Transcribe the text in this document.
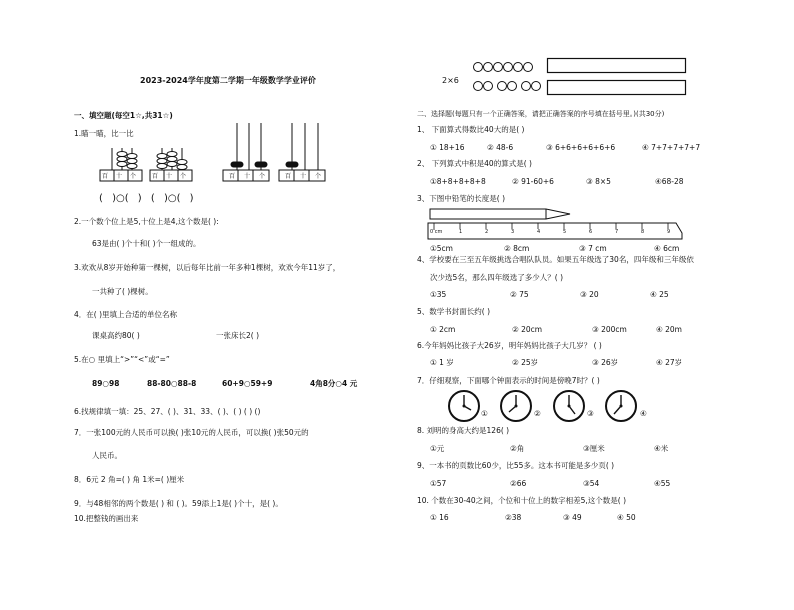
2023-2024学年度第二学期一年级数学学业评价	2×6
一、填空题(每空1☆,共31☆)
1.瞄一瞄，比一比
百 十 个	百 十 个	百 十 个	百 十 个
( )○( ) ( )○( )
2.一个数个位上是5,十位上是4,这个数是( ):
63是由( )个十和( )个一组成的。
3.欢欢从8岁开始种第一棵树，以后每年比前一年多种1棵树，欢欢今年11岁了，
一共种了( )棵树。
4．在( )里填上合适的单位名称
课桌高约80( )	一张床长2( )
5.在○ 里填上“>”“<”或“=”
89○98	88-80○88-8	60+9○59+9	4角8分○4 元
6.找规律填一填：25、27、( )、31、33、( )、( ) ( ) ()
7．一张100元的人民币可以换( )张10元的人民币，可以换( )张50元的
人民币。
8．6元 2 角=( ) 角 1米=( )厘米
9．与48相邻的两个数是( ) 和 ( )。59添上1是( )个十，是( )。
10.把整钱的画出来
二、选择题(每题只有一个正确答案，请把正确答案的序号填在括号里。)(共30分)
1、 下面算式得数比40大的是( )
① 18+16	② 48-6	③ 6+6+6+6+6+6	④ 7+7+7+7+7
2、 下列算式中积是40的算式是( )
①8+8+8+8+8	② 91-60+6	③ 8×5	④68-28
3、下图中铅笔的长度是( )
0 cm	1	2	3	4	5	6	7	8	9
①5cm	② 8cm	③ 7 cm	④ 6cm
4、学校要在三至五年级挑选合唱队队员。如果五年级选了30名，四年级和三年级依
次少选5名，那么四年级选了多少人？( )
①35	② 75	③ 20	④ 25
5、数学书封面长约( )
① 2cm	② 20cm	③ 200cm	④ 20m
6.今年妈妈比孩子大26岁，明年妈妈比孩子大几岁？ ( )
① 1 岁	② 25岁	③ 26岁	④ 27岁
7．仔细观察，下面哪个钟面表示的时间是傍晚7时？( )
①	②	③	④
8. 刘明的身高大约是126( )
①元	②角	③厘米	④米
9、一本书的页数比60少，比55多。这本书可能是多少页( )
①57	②66	③54	④55
10. 个数在30-40之间，个位和十位上的数字相差5,这个数是( )
① 16	②38	③ 49	④ 50
